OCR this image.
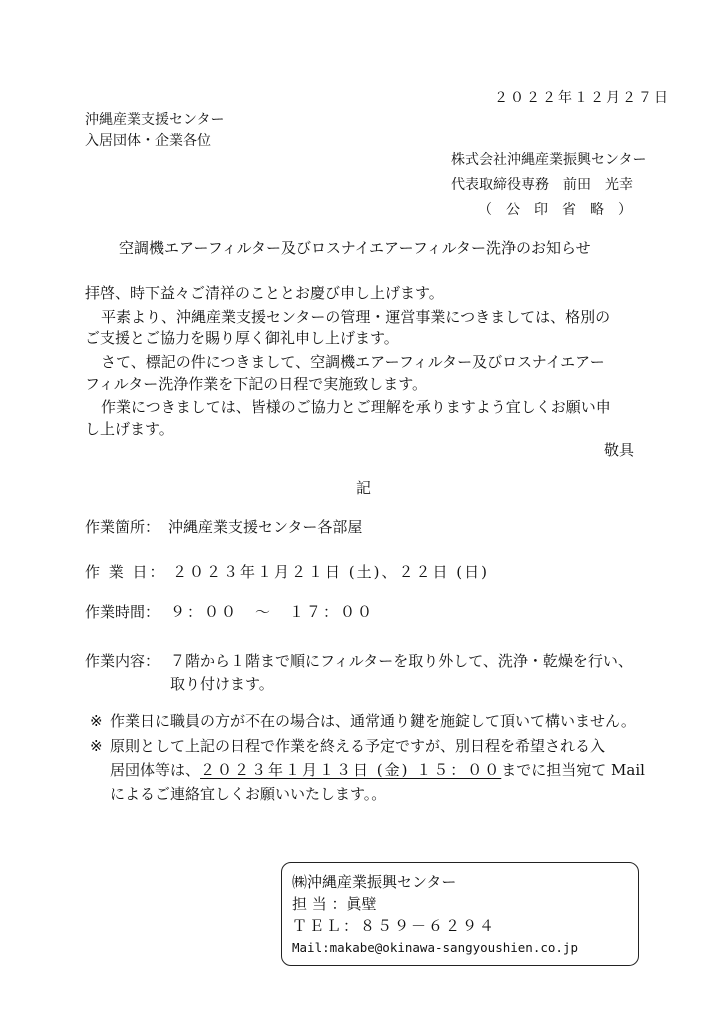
２０２２年１２月２７日
沖縄産業支援センター
入居団体・企業各位
株式会社沖縄産業振興センター
代表取締役専務　前田　光幸
（　公　印　省　略　）
空調機エアーフィルター及びロスナイエアーフィルター洗浄のお知らせ
拝啓、時下益々ご清祥のこととお慶び申し上げます。
平素より、沖縄産業支援センターの管理・運営事業につきましては、格別の
ご支援とご協力を賜り厚く御礼申し上げます。
さて、標記の件につきまして、空調機エアーフィルター及びロスナイエアー
フィルター洗浄作業を下記の日程で実施致します。
作業につきましては、皆様のご協力とご理解を承りますよう宜しくお願い申
し上げます。
敬具
記
作業箇所： 沖縄産業支援センター各部屋
作 業 日： ２０２３年１月２１日 (土)、２２日 (日)
作業時間： ９：００　～　１７：００
作業内容： ７階から１階まで順にフィルターを取り外して、洗浄・乾燥を行い、
取り付けます。
※ 作業日に職員の方が不在の場合は、通常通り鍵を施錠して頂いて構いません。
※ 原則として上記の日程で作業を終える予定ですが、別日程を希望される入
居団体等は、２０２３年１月１３日 (金) １５：００までに担当宛て Mail
によるご連絡宜しくお願いいたします。。
㈱沖縄産業振興センター
担 当 ：眞壁
ＴＥＬ：８５９－６２９４
Mail:makabe@okinawa-sangyoushien.co.jp
